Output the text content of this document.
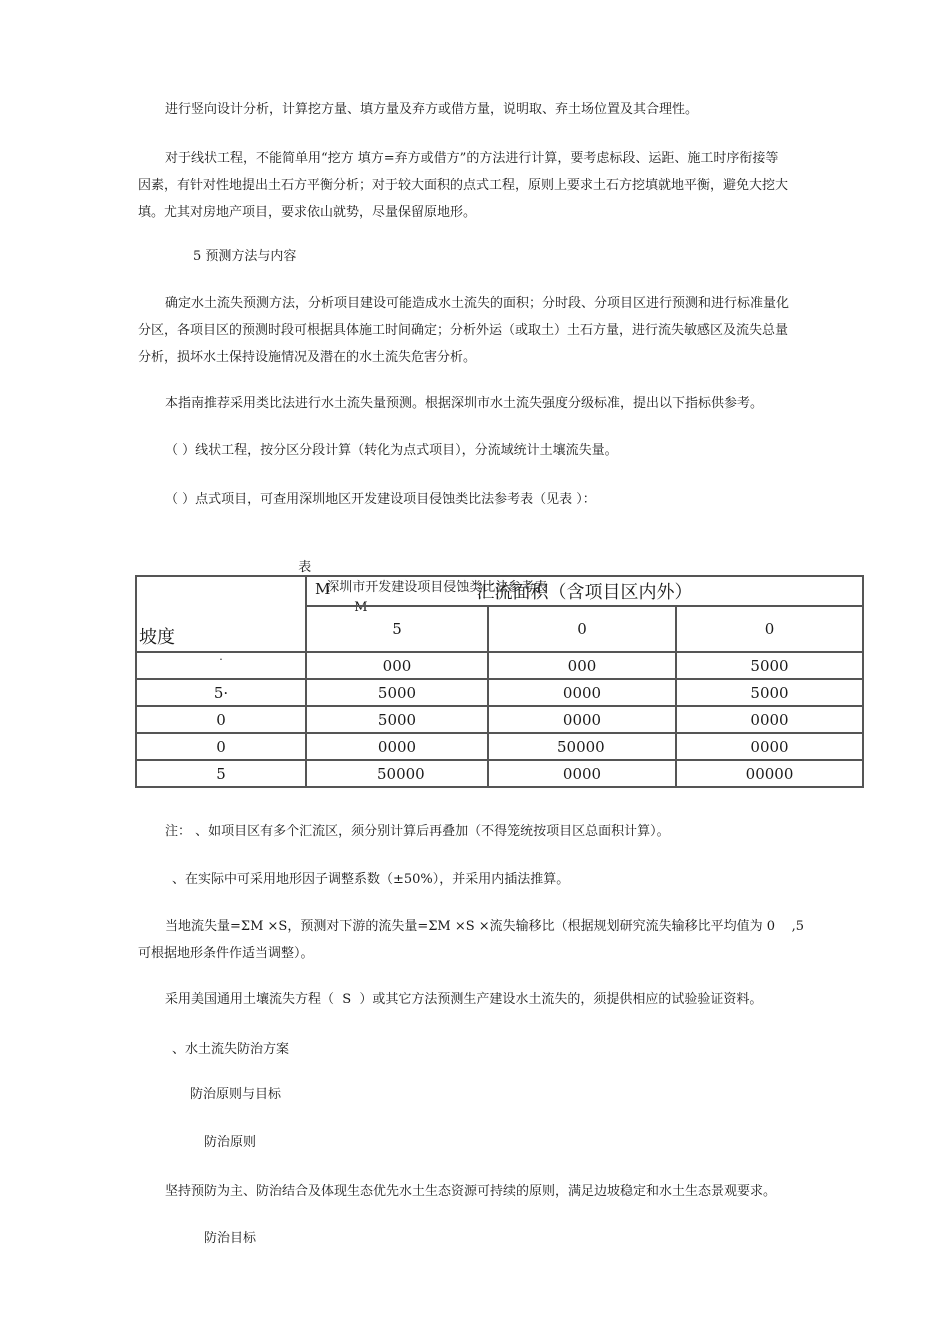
进行竖向设计分析，计算挖方量、填方量及弃方或借方量，说明取、弃土场位置及其合理性。
对于线状工程，不能简单用“挖方 填方=弃方或借方”的方法进行计算，要考虑标段、运距、施工时序衔接等
因素，有针对性地提出土石方平衡分析；对于较大面积的点式工程，原则上要求土石方挖填就地平衡，避免大挖大
填。尤其对房地产项目，要求依山就势，尽量保留原地形。
5 预测方法与内容
确定水土流失预测方法，分析项目建设可能造成水土流失的面积；分时段、分项目区进行预测和进行标准量化
分区，各项目区的预测时段可根据具体施工时间确定；分析外运（或取土）土石方量，进行流失敏感区及流失总量
分析，损坏水土保持设施情况及潜在的水土流失危害分析。
本指南推荐采用类比法进行水土流失量预测。根据深圳市水土流失强度分级标准，提出以下指标供参考。
（ ）线状工程，按分区分段计算（转化为点式项目），分流域统计土壤流失量。
（ ）点式项目，可查用深圳地区开发建设项目侵蚀类比法参考表（见表 ）：

表
深圳市开发建设项目侵蚀类比法参考表
M

坡度	M 汇流面积（含项目区内外）		
	5	0	0
·	000	000	5000
5·	5000	0000	5000
0	5000	0000	0000
0	0000	50000	0000
5	50000	0000	00000
注： 、如项目区有多个汇流区，须分别计算后再叠加（不得笼统按项目区总面积计算）。
、在实际中可采用地形因子调整系数（±50%），并采用内插法推算。
当地流失量=ΣM ×S，预测对下游的流失量=ΣM ×S ×流失输移比（根据规划研究流失输移比平均值为 0    ,5
可根据地形条件作适当调整）。
采用美国通用土壤流失方程（  S  ）或其它方法预测生产建设水土流失的，须提供相应的试验验证资料。
、水土流失防治方案
防治原则与目标
防治原则
坚持预防为主、防治结合及体现生态优先水土生态资源可持续的原则，满足边坡稳定和水土生态景观要求。
防治目标
